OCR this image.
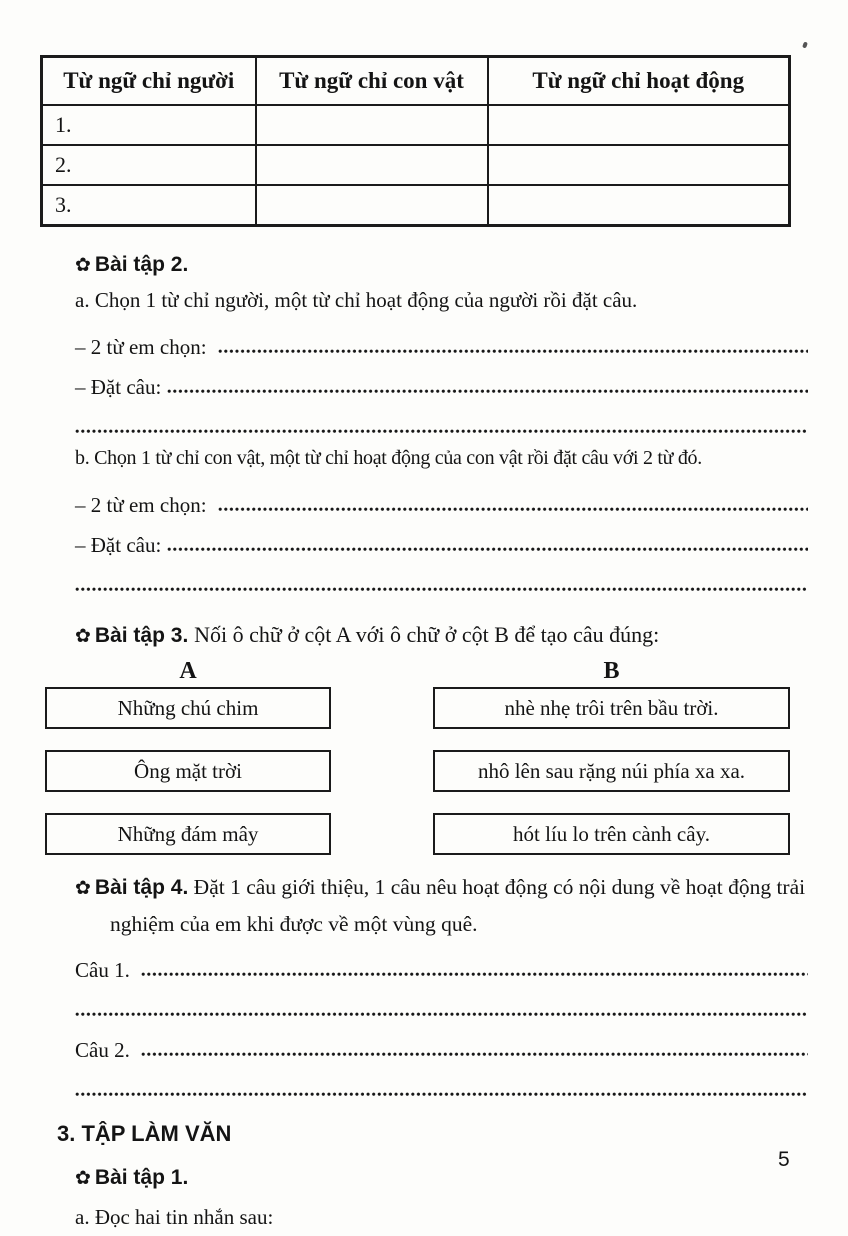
Từ ngữ chỉ người	Từ ngữ chỉ con vật	Từ ngữ chỉ hoạt động
1.		
2.		
3.		
✿ Bài tập 2.
a. Chọn 1 từ chỉ người, một từ chỉ hoạt động của người rồi đặt câu.
– 2 từ em chọn:
– Đặt câu:
b. Chọn 1 từ chỉ con vật, một từ chỉ hoạt động của con vật rồi đặt câu với 2 từ đó.
– 2 từ em chọn:
– Đặt câu:
✿ Bài tập 3. Nối ô chữ ở cột A với ô chữ ở cột B để tạo câu đúng:
A
Những chú chim
Ông mặt trời
Những đám mây
B
nhè nhẹ trôi trên bầu trời.
nhô lên sau rặng núi phía xa xa.
hót líu lo trên cành cây.
✿ Bài tập 4. Đặt 1 câu giới thiệu, 1 câu nêu hoạt động có nội dung về hoạt động trải nghiệm của em khi được về một vùng quê.
Câu 1.
Câu 2.
3. TẬP LÀM VĂN
✿ Bài tập 1.
a. Đọc hai tin nhắn sau:
5
